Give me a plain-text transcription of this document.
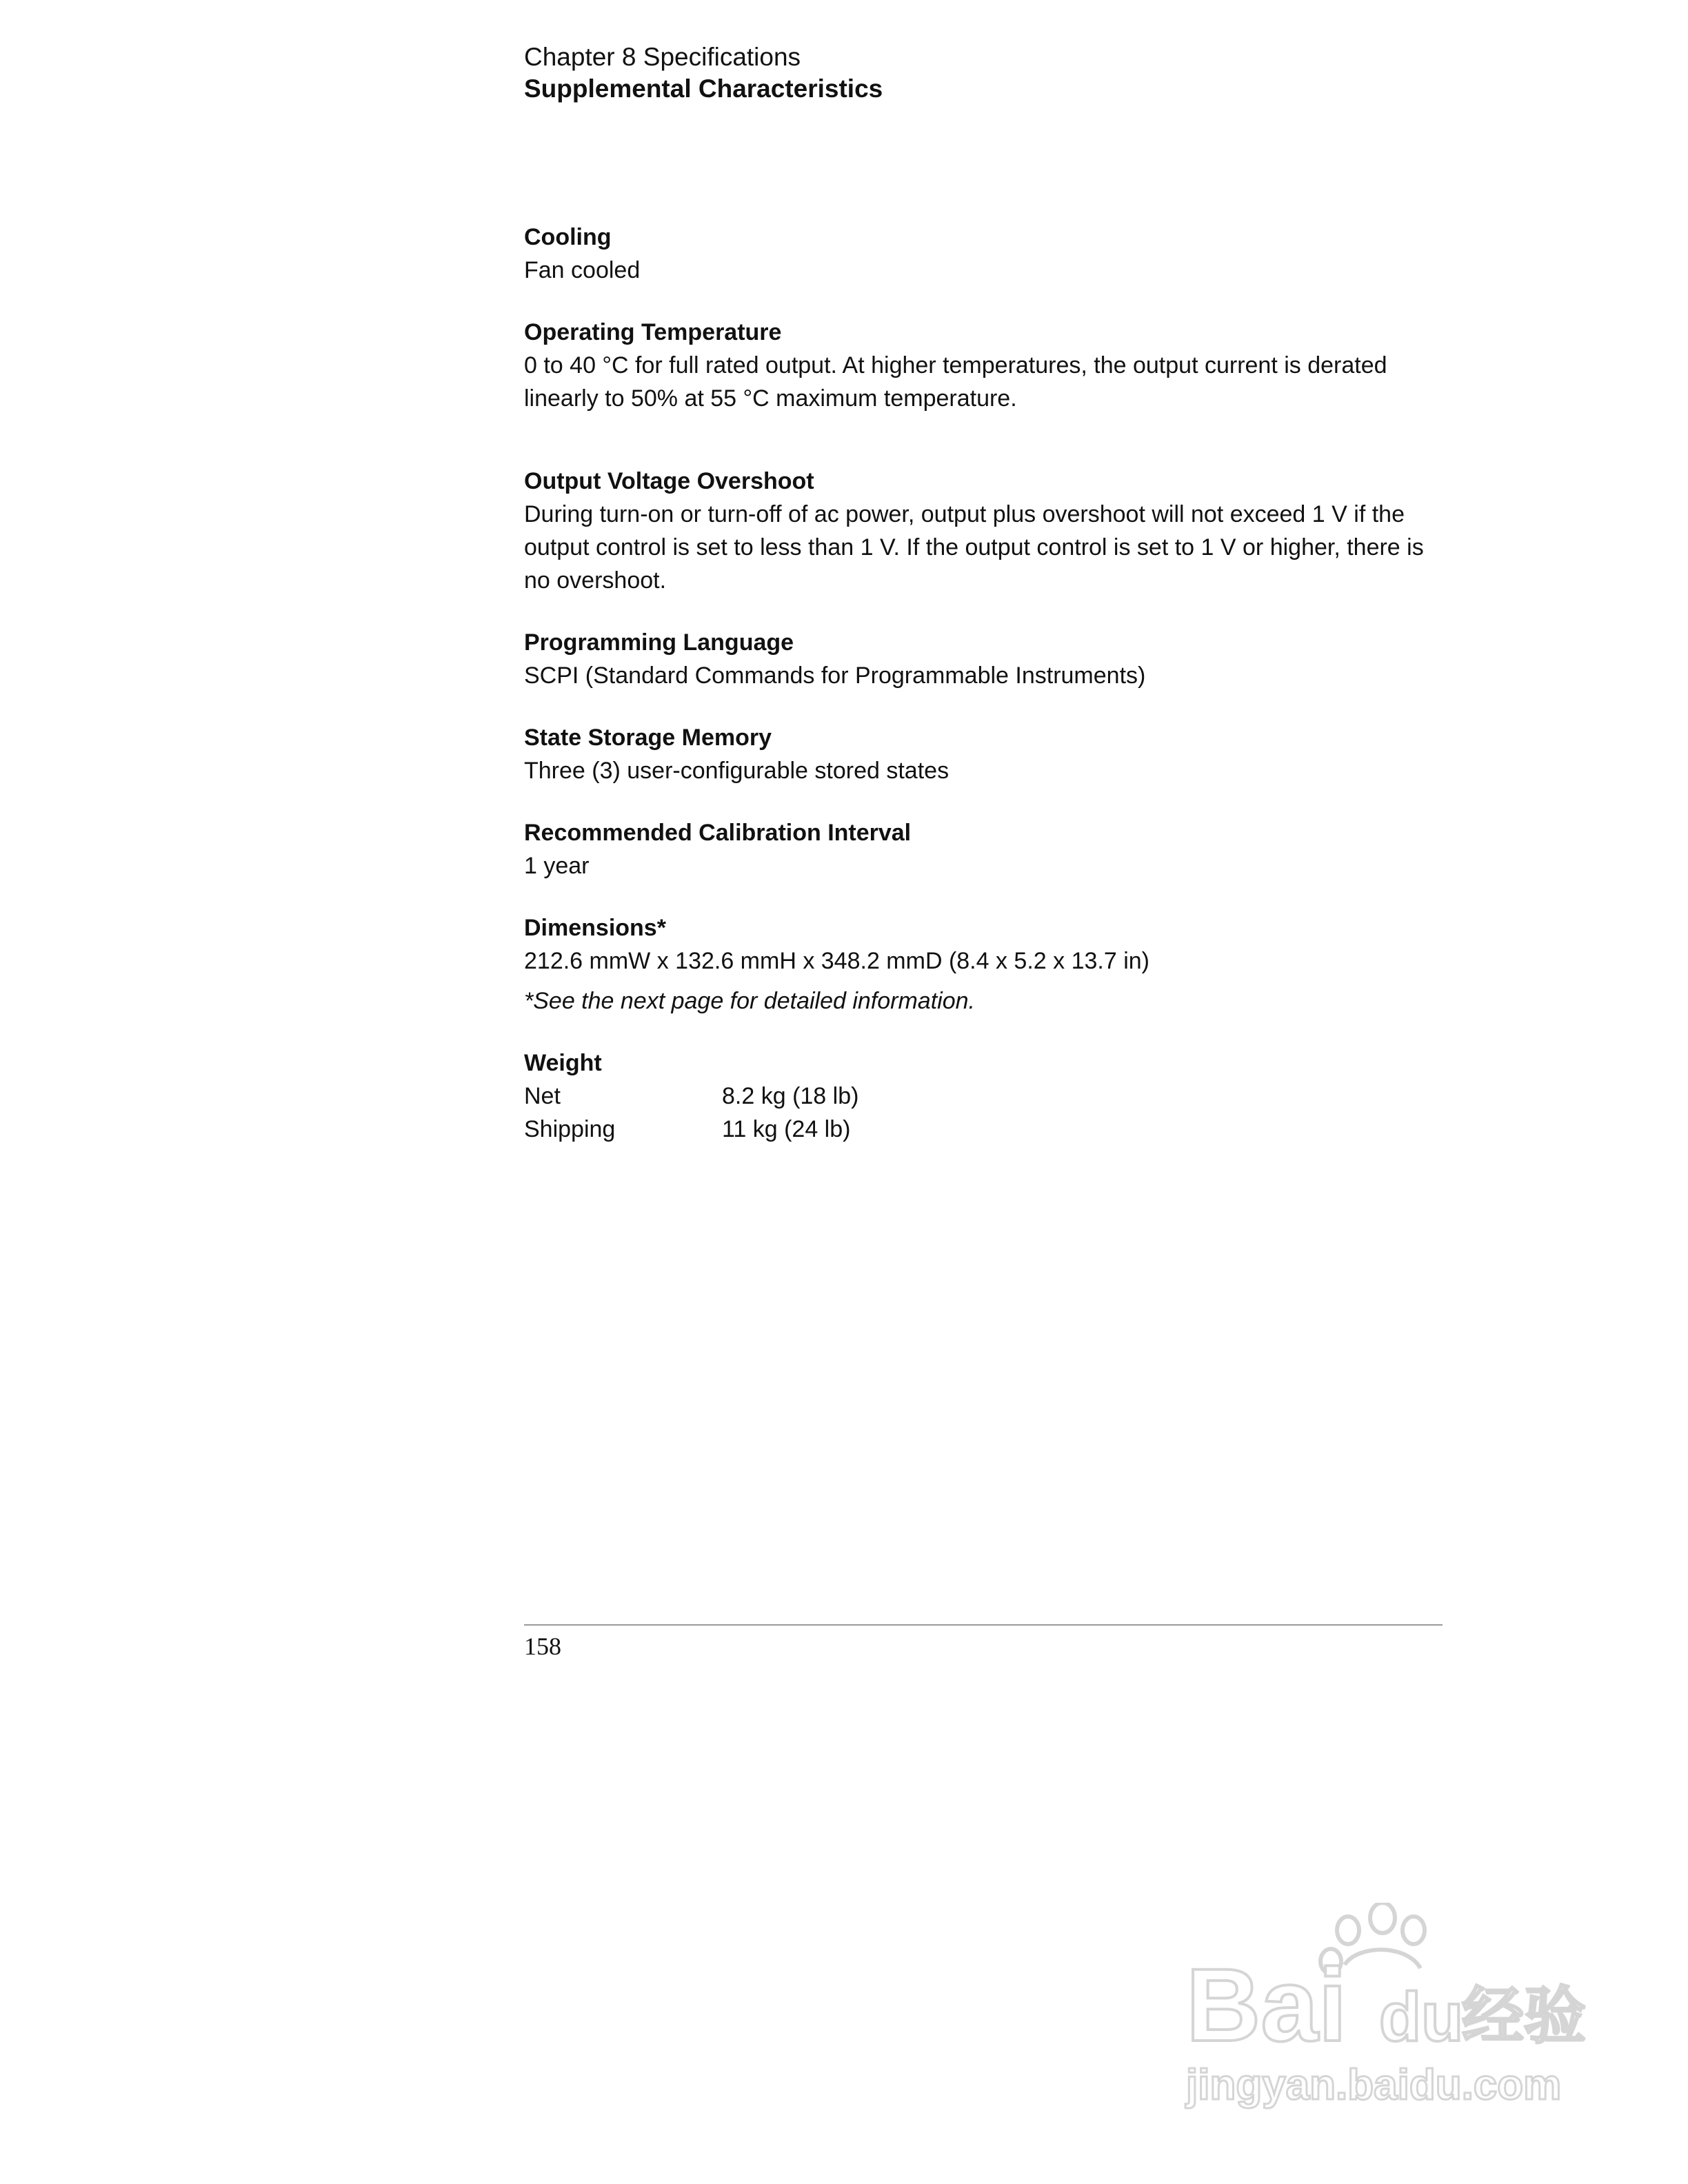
Chapter 8 Specifications
Supplemental Characteristics

Cooling

Fan cooled

Operating Temperature

0 to 40 °C for full rated output. At higher temperatures, the output current is derated linearly to 50% at 55 °C maximum temperature.

Output Voltage Overshoot

During turn-on or turn-off of ac power, output plus overshoot will not exceed 1 V if the output control is set to less than 1 V. If the output control is set to 1 V or higher, there is no overshoot.

Programming Language

SCPI (Standard Commands for Programmable Instruments)

State Storage Memory

Three (3) user-configurable stored states

Recommended Calibration Interval

1 year

Dimensions*

212.6 mmW x 132.6 mmH x 348.2 mmD (8.4 x 5.2 x 13.7 in)

*See the next page for detailed information.

Weight

Net	8.2 kg (18 lb)
Shipping	11 kg (24 lb)
158
Bai du
经验
jingyan.baidu.com
